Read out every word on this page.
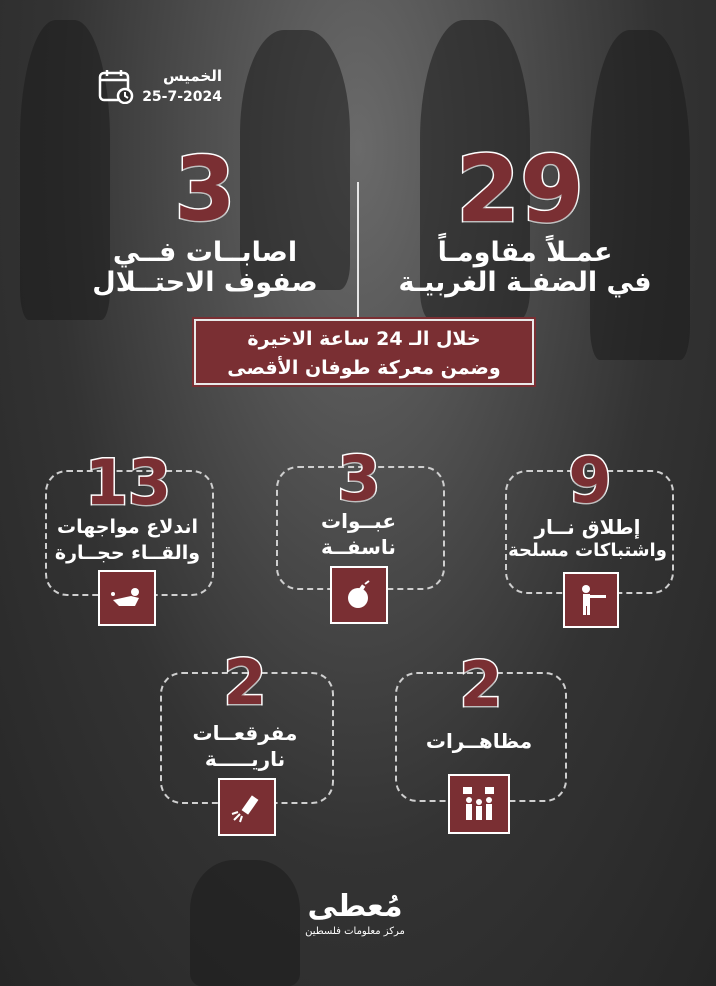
الخميس
25-7-2024
29
عمـلاً مقاومـاً
في الضفـة الغربيـة
3
اصابــات فــي
صفوف الاحتــلال
خلال الـ 24 ساعة الاخيرة
وضمن معركة طوفان الأقصى
9
إطلاق نــار
واشتباكات مسلحة
3
عبــوات
ناسفــة
13
اندلاع مواجهات
والقــاء حجــارة
2
مظاهــرات
2
مفرقعــات
ناريـــــة
مُعطى
مركز معلومات فلسطين
